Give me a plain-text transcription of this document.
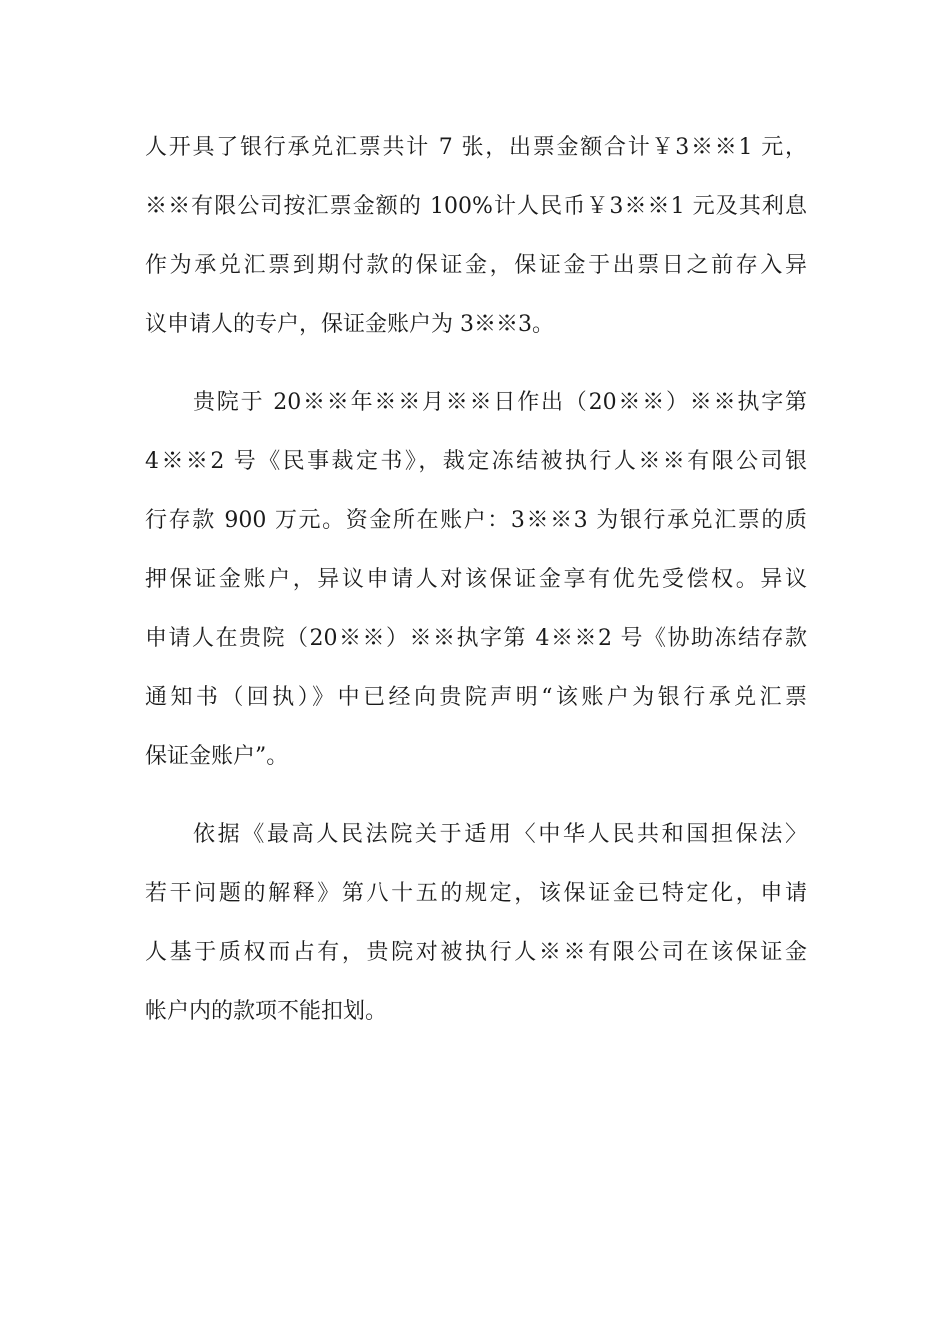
人开具了银行承兑汇票共计 7 张，出票金额合计￥3※※1 元，
※※有限公司按汇票金额的 100%计人民币￥3※※1 元及其利息
作为承兑汇票到期付款的保证金，保证金于出票日之前存入异
议申请人的专户，保证金账户为 3※※3。
贵院于 20※※年※※月※※日作出（20※※）※※执字第
4※※2 号《民事裁定书》，裁定冻结被执行人※※有限公司银
行存款 900 万元。资金所在账户：3※※3 为银行承兑汇票的质
押保证金账户，异议申请人对该保证金享有优先受偿权。异议
申请人在贵院（20※※）※※执字第 4※※2 号《协助冻结存款
通知书（回执）》中已经向贵院声明“该账户为银行承兑汇票
保证金账户”。
依据《最高人民法院关于适用〈中华人民共和国担保法〉
若干问题的解释》第八十五的规定，该保证金已特定化，申请
人基于质权而占有，贵院对被执行人※※有限公司在该保证金
帐户内的款项不能扣划。
